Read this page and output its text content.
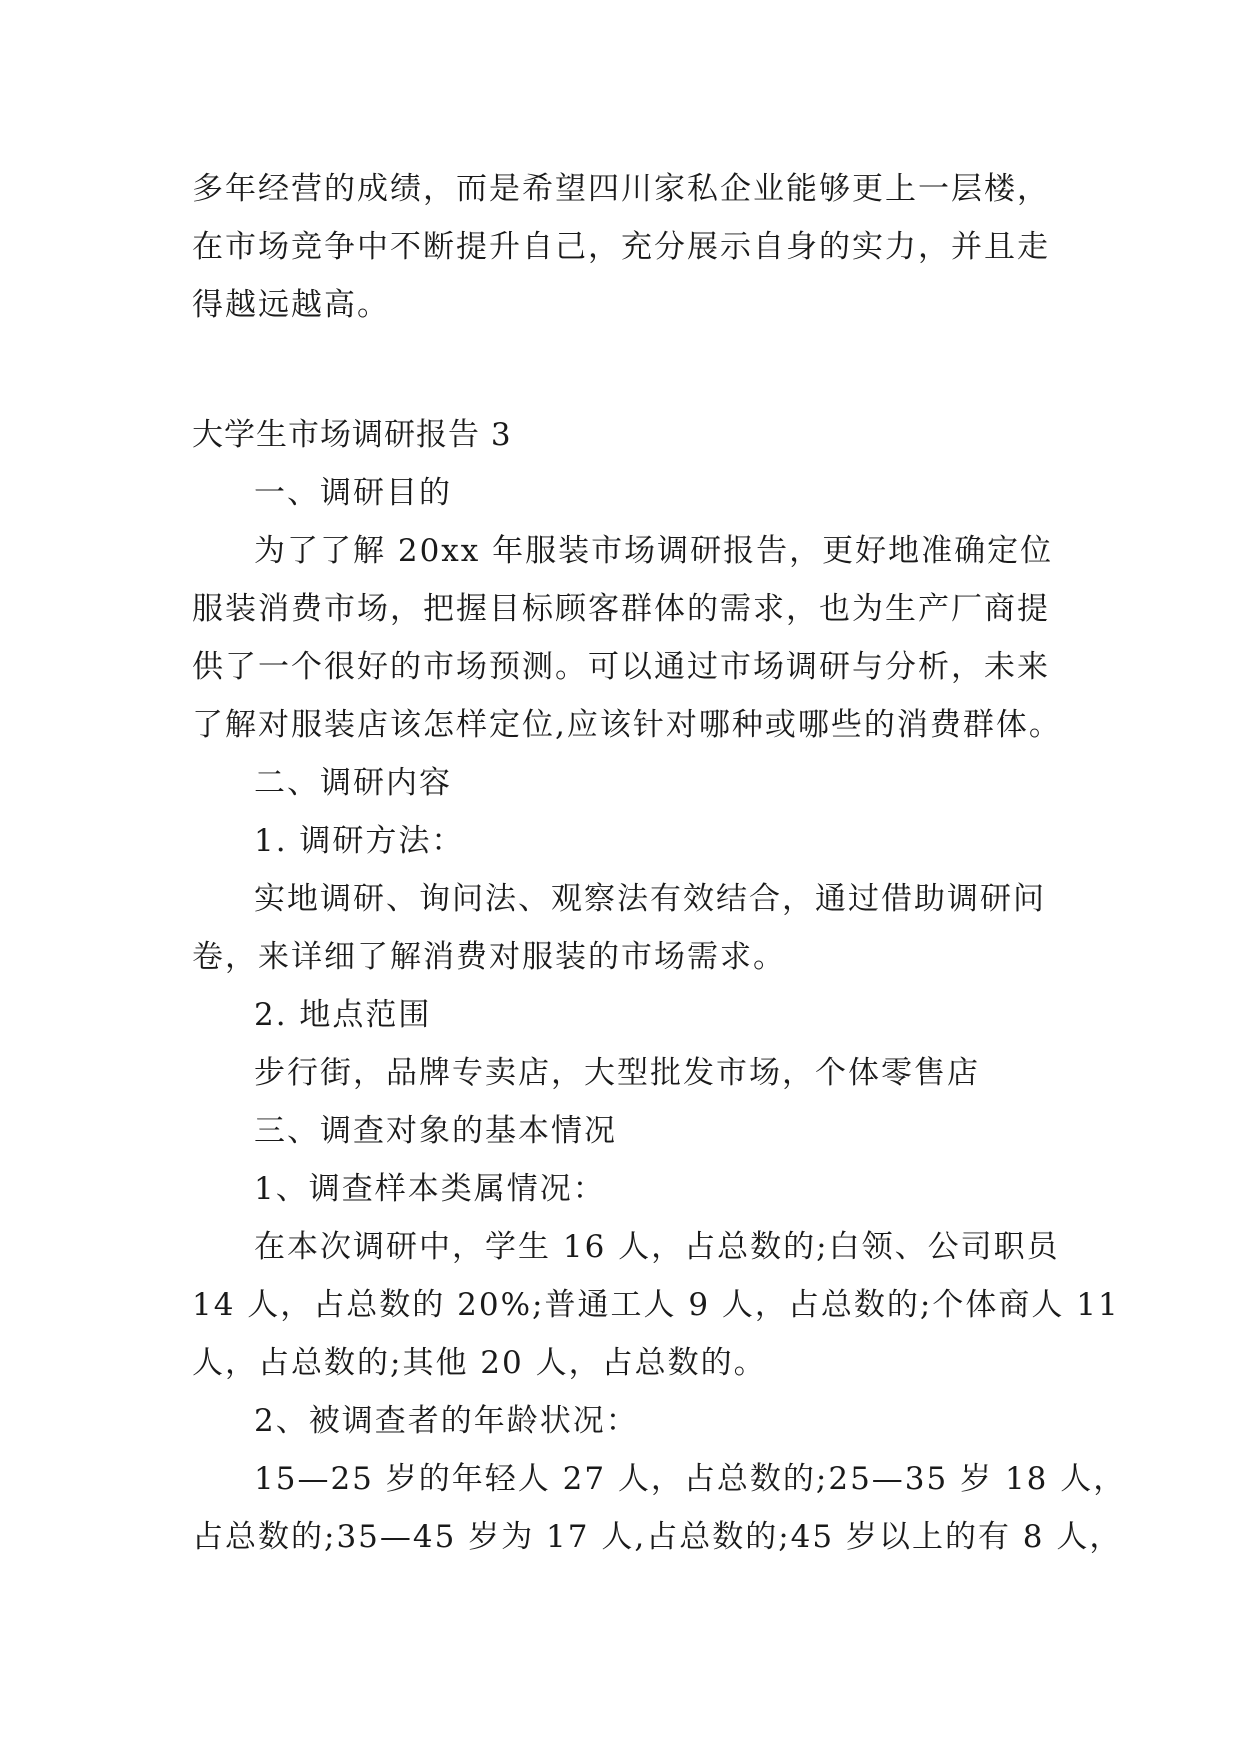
多年经营的成绩，而是希望四川家私企业能够更上一层楼，
在市场竞争中不断提升自己，充分展示自身的实力，并且走
得越远越高。
大学生市场调研报告 3
一、调研目的
为了了解 20xx 年服装市场调研报告，更好地准确定位
服装消费市场，把握目标顾客群体的需求，也为生产厂商提
供了一个很好的市场预测。可以通过市场调研与分析，未来
了解对服装店该怎样定位,应该针对哪种或哪些的消费群体。
二、调研内容
1. 调研方法：
实地调研、询问法、观察法有效结合，通过借助调研问
卷，来详细了解消费对服装的市场需求。
2. 地点范围
步行街，品牌专卖店，大型批发市场，个体零售店
三、调查对象的基本情况
1、调查样本类属情况：
在本次调研中，学生 16 人，占总数的;白领、公司职员
14 人，占总数的 20%;普通工人 9 人，占总数的;个体商人 11
人，占总数的;其他 20 人，占总数的。
2、被调查者的年龄状况：
15—25 岁的年轻人 27 人，占总数的;25—35 岁 18 人，
占总数的;35—45 岁为 17 人,占总数的;45 岁以上的有 8 人，
